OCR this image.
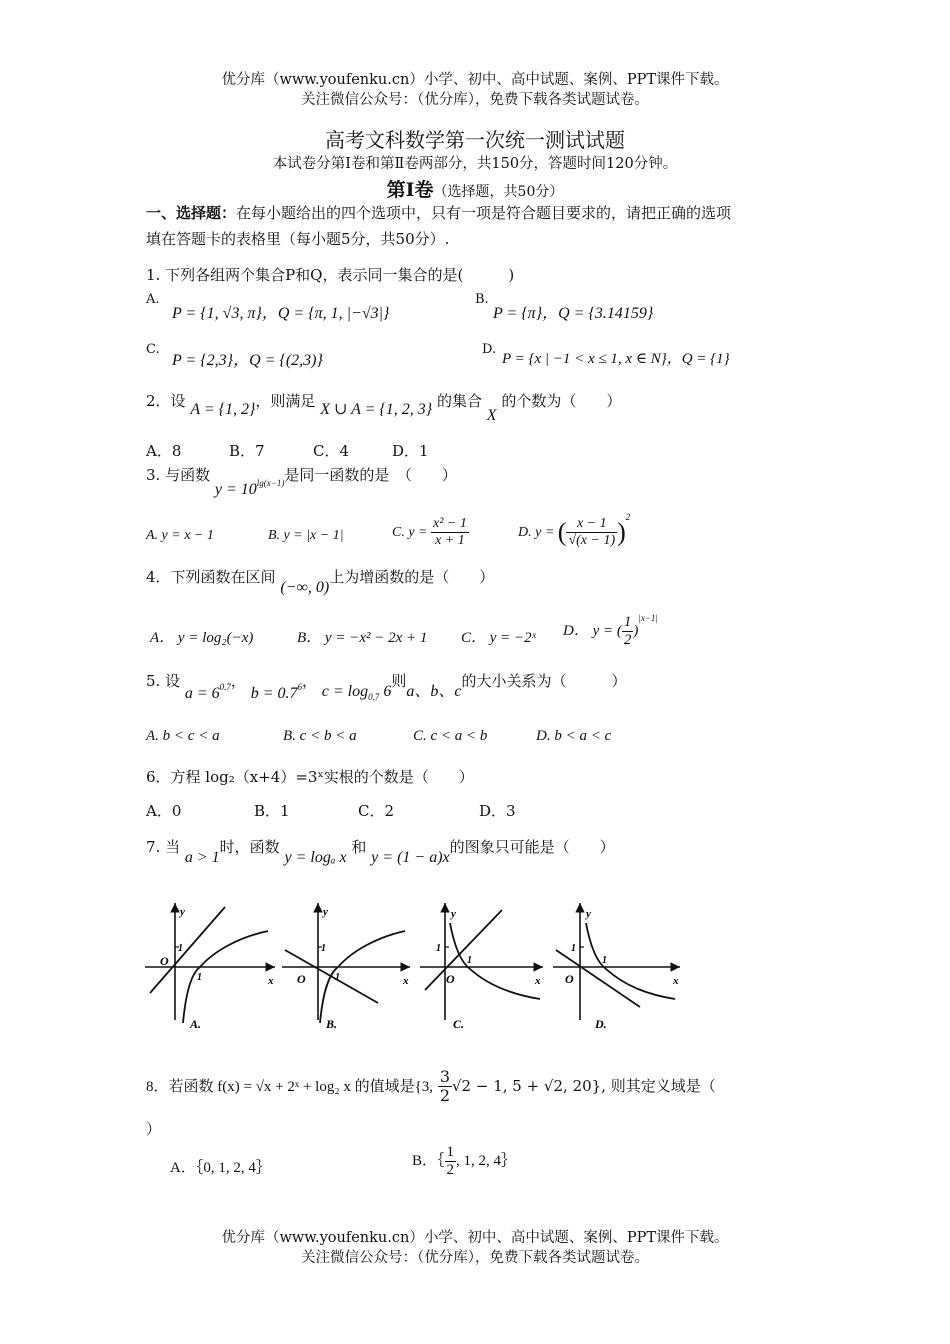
优分库（www.youfenku.cn）小学、初中、高中试题、案例、PPT课件下载。
关注微信公众号：（优分库），免费下载各类试题试卷。
高考文科数学第一次统一测试试题
本试卷分第Ⅰ卷和第Ⅱ卷两部分，共150分，答题时间120分钟。
第Ⅰ卷（选择题，共50分）
一、选择题：在每小题给出的四个选项中，只有一项是符合题目要求的，请把正确的选项
填在答题卡的表格里（每小题5分，共50分）.
1. 下列各组两个集合P和Q，表示同一集合的是(　　　)
A.
P = {1, √3, π}，Q = {π, 1, |−√3|}
B.
P = {π}，Q = {3.14159}
C.
P = {2,3}，Q = {(2,3)}
D.
P = {x | −1 < x ≤ 1, x ∈ N}，Q = {1}
2．设 A = {1, 2}，则满足 X ∪ A = {1, 2, 3} 的集合 X 的个数为（　　）
A．8	B．7	C．4	D．1
3. 与函数 $y = 10^{lg(x-1)}$是同一函数的是　（　　）
A. y = x − 1	B. y = |x − 1|	C. $y = \frac{\text{x² − 1}}{x + 1}$	D. y = ( $\frac{x - 1}{√(x - 1)} )^2$
4．下列函数在区间 (−∞, 0)上为增函数的是（　　）
A． y = log₂(−x)	B． y = −x² − 2x + 1 C． y = −2ˣ D． y = ( $\frac{1}{2} )^{|x-1|}$
5. 设 $a = 6^{0.7}$， $b = 0.7^6$， $c = \log_{0.7} 6$则a、b、c的大小关系为（　　　）
A. b < c < a	B. c < b < a	C. c < a < b	D. b < a < c
6．方程 log₂（x+4）=3ˣ实根的个数是（　　）
A．0	B．1	C．2	D．3
7. 当 a > 1时，函数 y = logₐ x 和 y = (1 − a)x的图象只可能是（　　）
x
y
O
1
1
A.
x
y
O
1
1
B.
x
y
O
1
1
C.
x
y
O
1
1
D.
8．若函数 f(x) = √x + 2ˣ + log₂ x 的值域是{3, $\frac{3}{2} √2 - 1$, 5 + √2, 20}, 则其定义域是（
）
A．｛0, 1, 2, 4｝	B．｛ $\frac{1}{2}$ , 1, 2, 4｝
优分库（www.youfenku.cn）小学、初中、高中试题、案例、PPT课件下载。
关注微信公众号：（优分库），免费下载各类试题试卷。
